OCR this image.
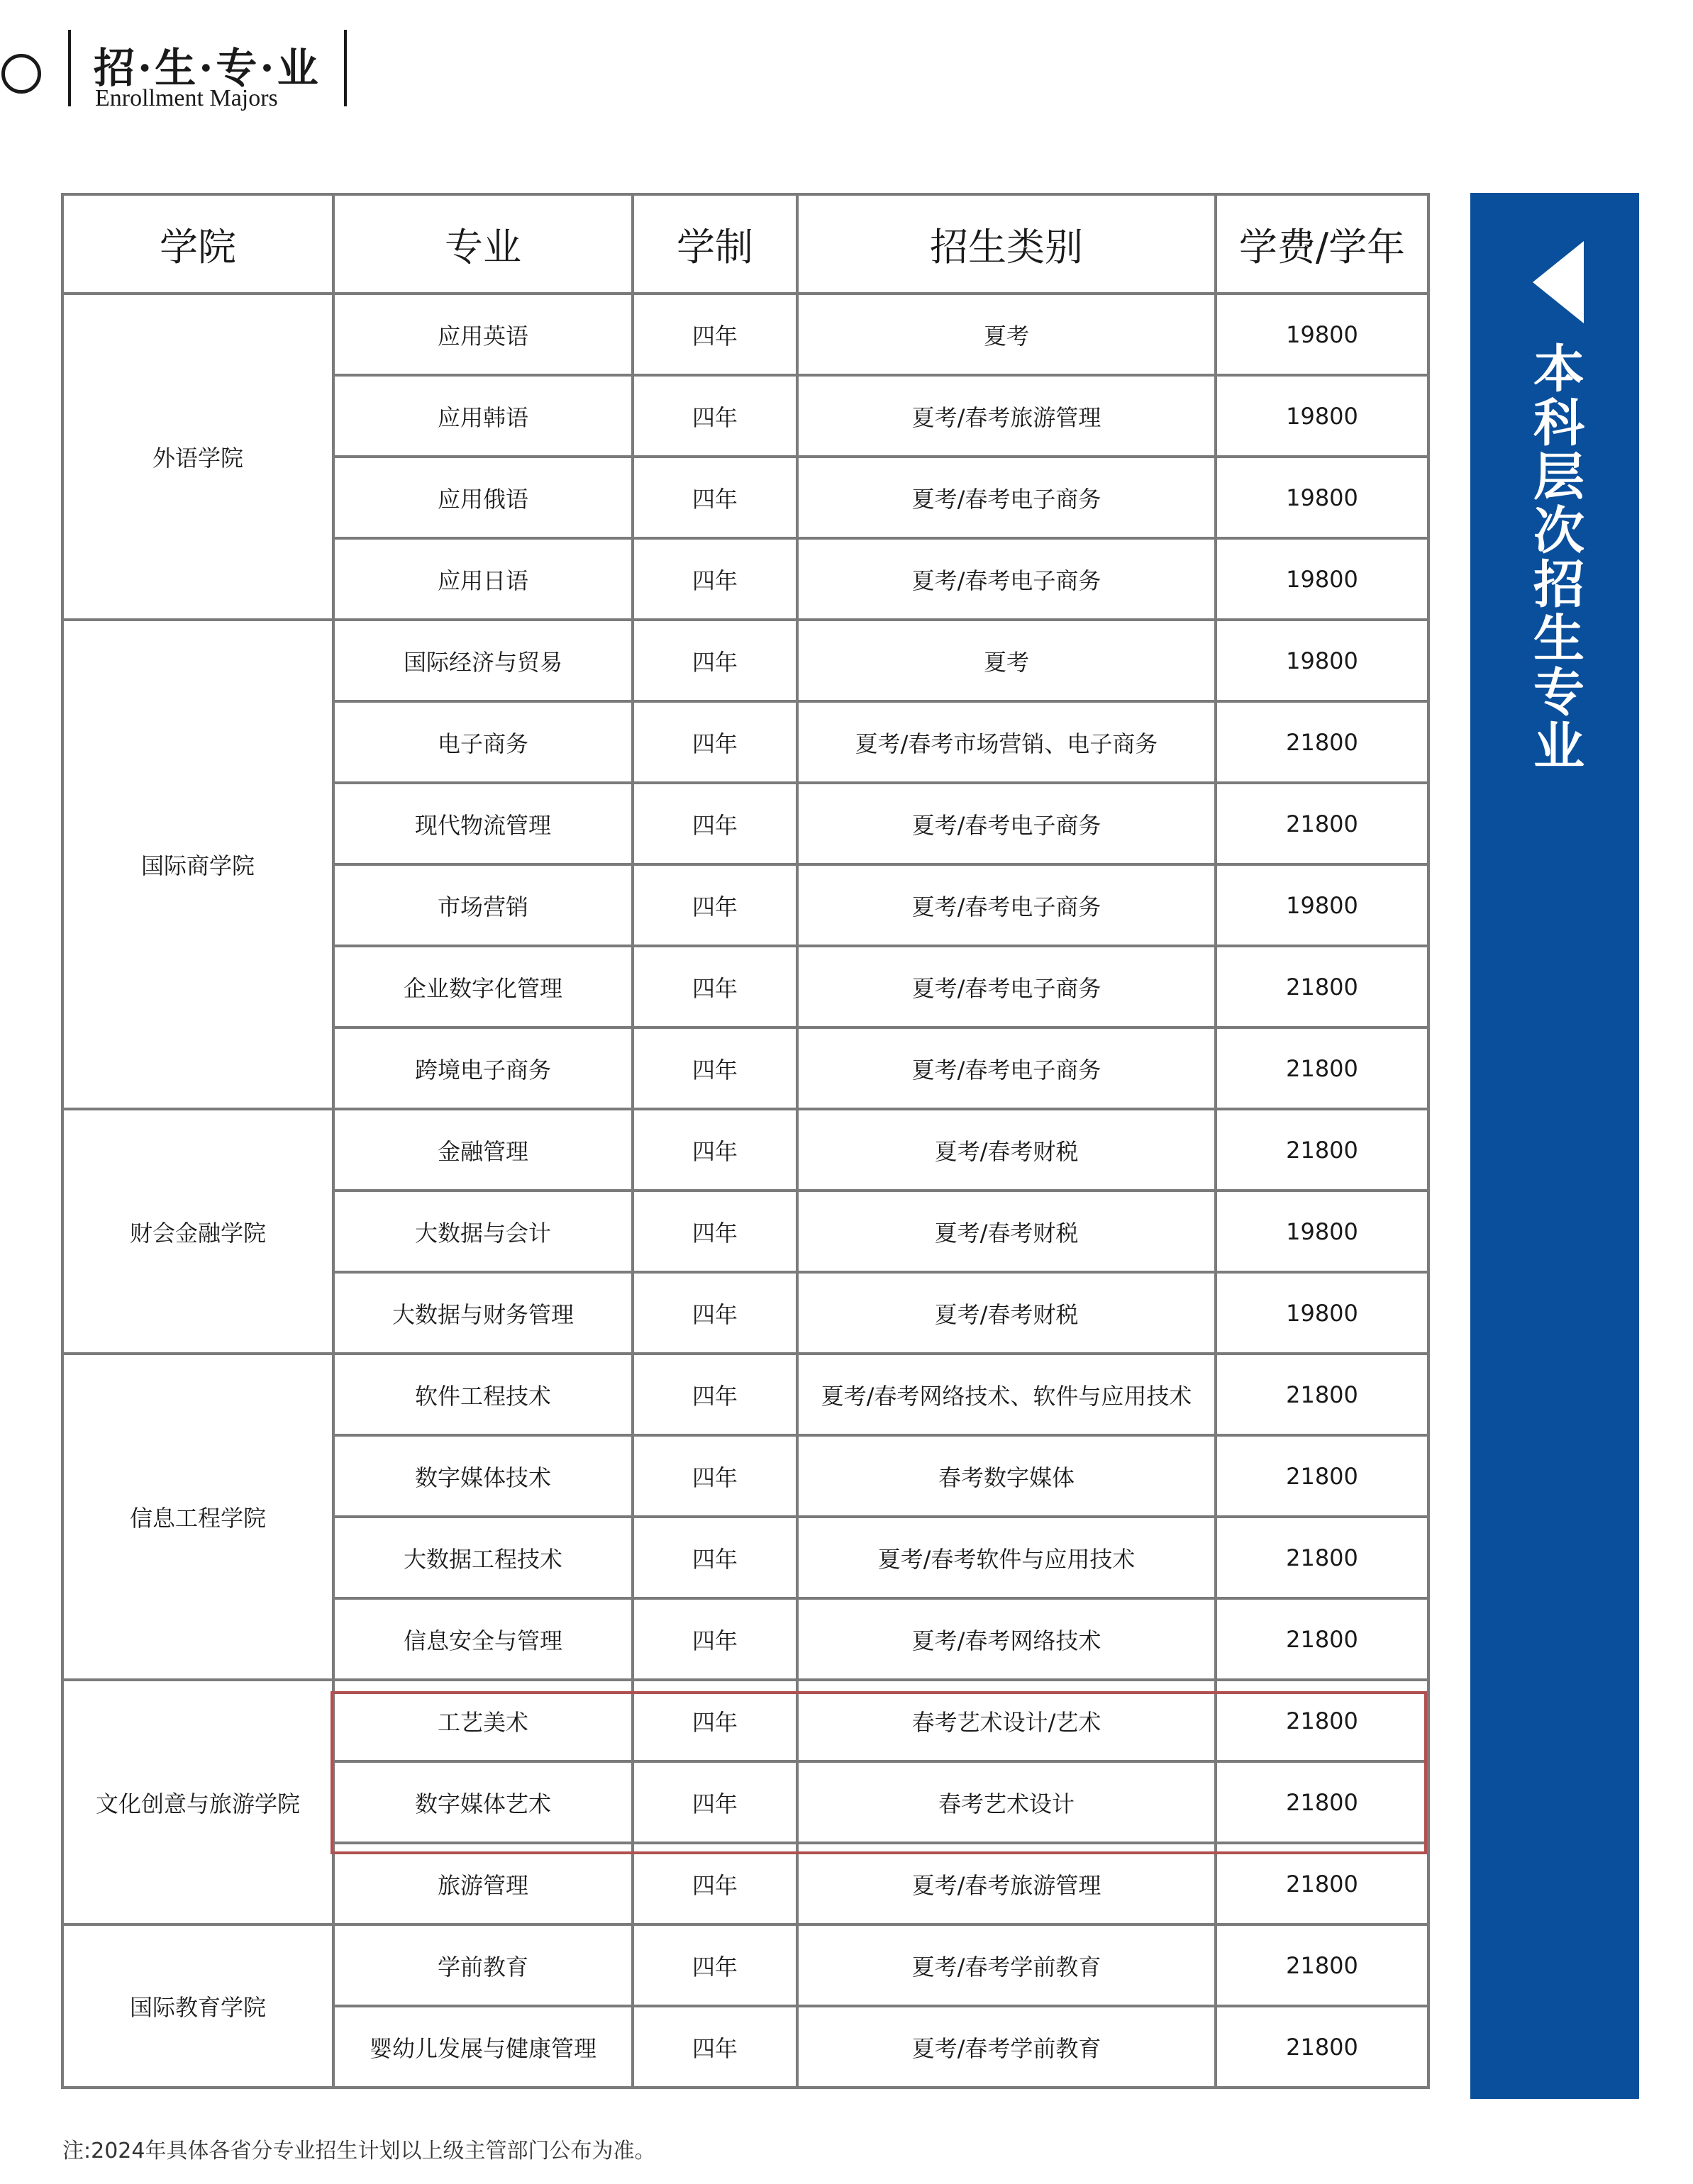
招·生·专·业
Enrollment Majors
学院	专业	学制	招生类别	学费/学年
外语学院	应用英语	四年	夏考	19800
	应用韩语	四年	夏考/春考旅游管理	19800
	应用俄语	四年	夏考/春考电子商务	19800
	应用日语	四年	夏考/春考电子商务	19800
国际商学院	国际经济与贸易	四年	夏考	19800
	电子商务	四年	夏考/春考市场营销、电子商务	21800
	现代物流管理	四年	夏考/春考电子商务	21800
	市场营销	四年	夏考/春考电子商务	19800
	企业数字化管理	四年	夏考/春考电子商务	21800
	跨境电子商务	四年	夏考/春考电子商务	21800
财会金融学院	金融管理	四年	夏考/春考财税	21800
	大数据与会计	四年	夏考/春考财税	19800
	大数据与财务管理	四年	夏考/春考财税	19800
信息工程学院	软件工程技术	四年	夏考/春考网络技术、软件与应用技术	21800
	数字媒体技术	四年	春考数字媒体	21800
	大数据工程技术	四年	夏考/春考软件与应用技术	21800
	信息安全与管理	四年	夏考/春考网络技术	21800
文化创意与旅游学院	工艺美术	四年	春考艺术设计/艺术	21800
	数字媒体艺术	四年	春考艺术设计	21800
	旅游管理	四年	夏考/春考旅游管理	21800
国际教育学院	学前教育	四年	夏考/春考学前教育	21800
	婴幼儿发展与健康管理	四年	夏考/春考学前教育	21800
本科层次招生专业
注:2024年具体各省分专业招生计划以上级主管部门公布为准。
